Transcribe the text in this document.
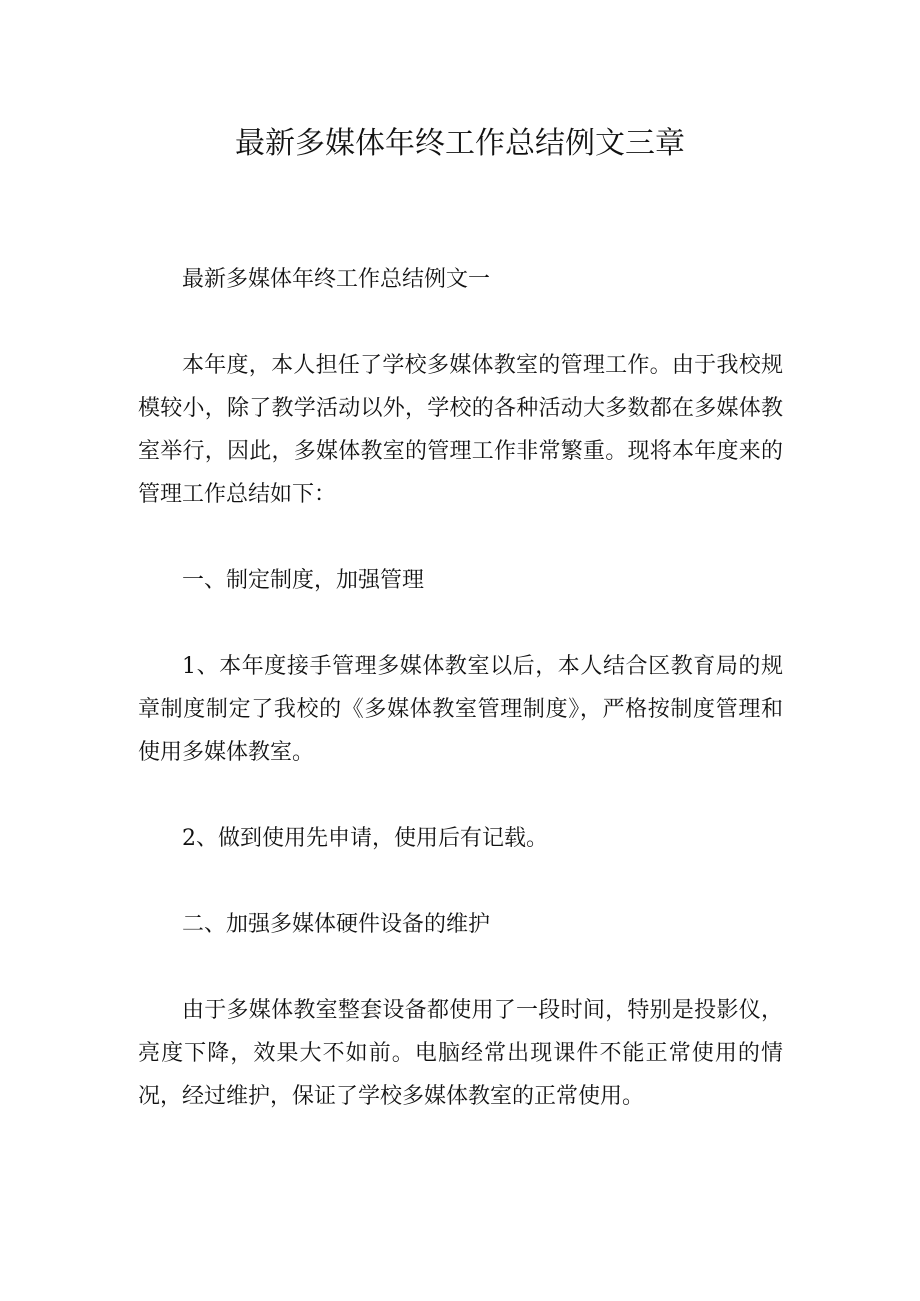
最新多媒体年终工作总结例文三章

最新多媒体年终工作总结例文一

本年度，本人担任了学校多媒体教室的管理工作。由于我校规模较小，除了教学活动以外，学校的各种活动大多数都在多媒体教室举行，因此，多媒体教室的管理工作非常繁重。现将本年度来的管理工作总结如下：

一、制定制度，加强管理

1、本年度接手管理多媒体教室以后，本人结合区教育局的规章制度制定了我校的《多媒体教室管理制度》，严格按制度管理和使用多媒体教室。

2、做到使用先申请，使用后有记载。

二、加强多媒体硬件设备的维护

由于多媒体教室整套设备都使用了一段时间，特别是投影仪，亮度下降，效果大不如前。电脑经常出现课件不能正常使用的情况，经过维护，保证了学校多媒体教室的正常使用。
